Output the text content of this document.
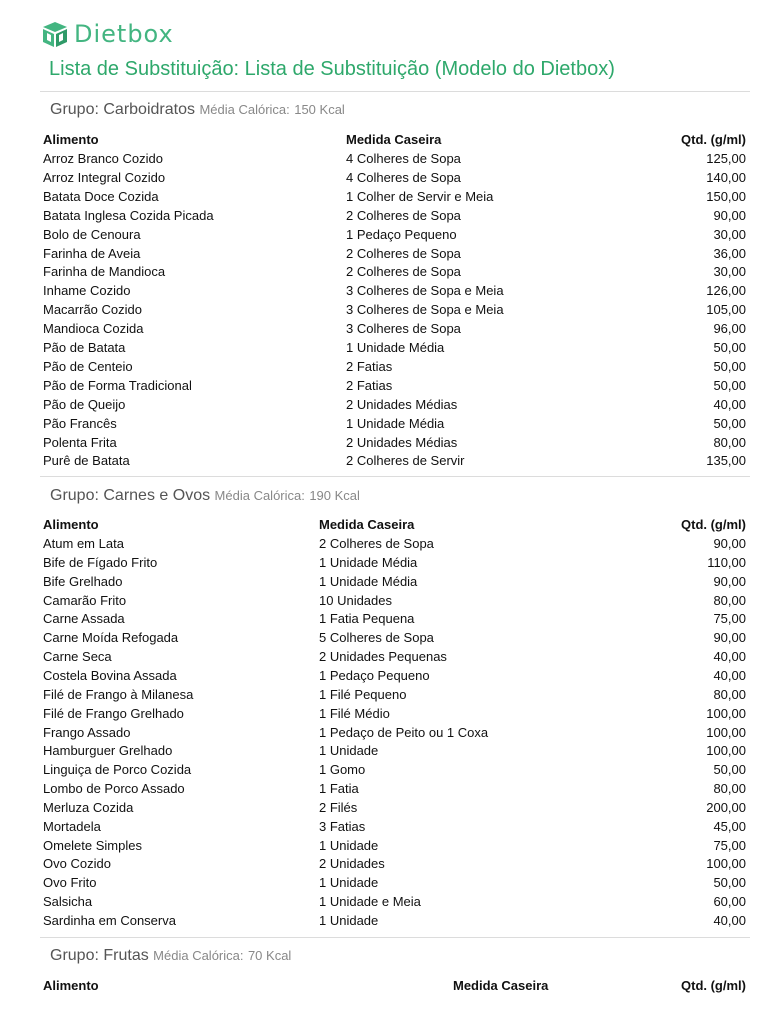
Dietbox
Lista de Substituição: Lista de Substituição (Modelo do Dietbox)
Grupo: Carboidratos Média Calórica: 150 Kcal
Alimento	Medida Caseira	Qtd. (g/ml)
Arroz Branco Cozido	4 Colheres de Sopa	125,00
Arroz Integral Cozido	4 Colheres de Sopa	140,00
Batata Doce Cozida	1 Colher de Servir e Meia	150,00
Batata Inglesa Cozida Picada	2 Colheres de Sopa	90,00
Bolo de Cenoura	1 Pedaço Pequeno	30,00
Farinha de Aveia	2 Colheres de Sopa	36,00
Farinha de Mandioca	2 Colheres de Sopa	30,00
Inhame Cozido	3 Colheres de Sopa e Meia	126,00
Macarrão Cozido	3 Colheres de Sopa e Meia	105,00
Mandioca Cozida	3 Colheres de Sopa	96,00
Pão de Batata	1 Unidade Média	50,00
Pão de Centeio	2 Fatias	50,00
Pão de Forma Tradicional	2 Fatias	50,00
Pão de Queijo	2 Unidades Médias	40,00
Pão Francês	1 Unidade Média	50,00
Polenta Frita	2 Unidades Médias	80,00
Purê de Batata	2 Colheres de Servir	135,00
Grupo: Carnes e Ovos Média Calórica: 190 Kcal
Alimento	Medida Caseira	Qtd. (g/ml)
Atum em Lata	2 Colheres de Sopa	90,00
Bife de Fígado Frito	1 Unidade Média	110,00
Bife Grelhado	1 Unidade Média	90,00
Camarão Frito	10 Unidades	80,00
Carne Assada	1 Fatia Pequena	75,00
Carne Moída Refogada	5 Colheres de Sopa	90,00
Carne Seca	2 Unidades Pequenas	40,00
Costela Bovina Assada	1 Pedaço Pequeno	40,00
Filé de Frango à Milanesa	1 Filé Pequeno	80,00
Filé de Frango Grelhado	1 Filé Médio	100,00
Frango Assado	1 Pedaço de Peito ou 1 Coxa	100,00
Hamburguer Grelhado	1 Unidade	100,00
Linguiça de Porco Cozida	1 Gomo	50,00
Lombo de Porco Assado	1 Fatia	80,00
Merluza Cozida	2 Filés	200,00
Mortadela	3 Fatias	45,00
Omelete Simples	1 Unidade	75,00
Ovo Cozido	2 Unidades	100,00
Ovo Frito	1 Unidade	50,00
Salsicha	1 Unidade e Meia	60,00
Sardinha em Conserva	1 Unidade	40,00
Grupo: Frutas Média Calórica: 70 Kcal
Alimento	Medida Caseira	Qtd. (g/ml)
